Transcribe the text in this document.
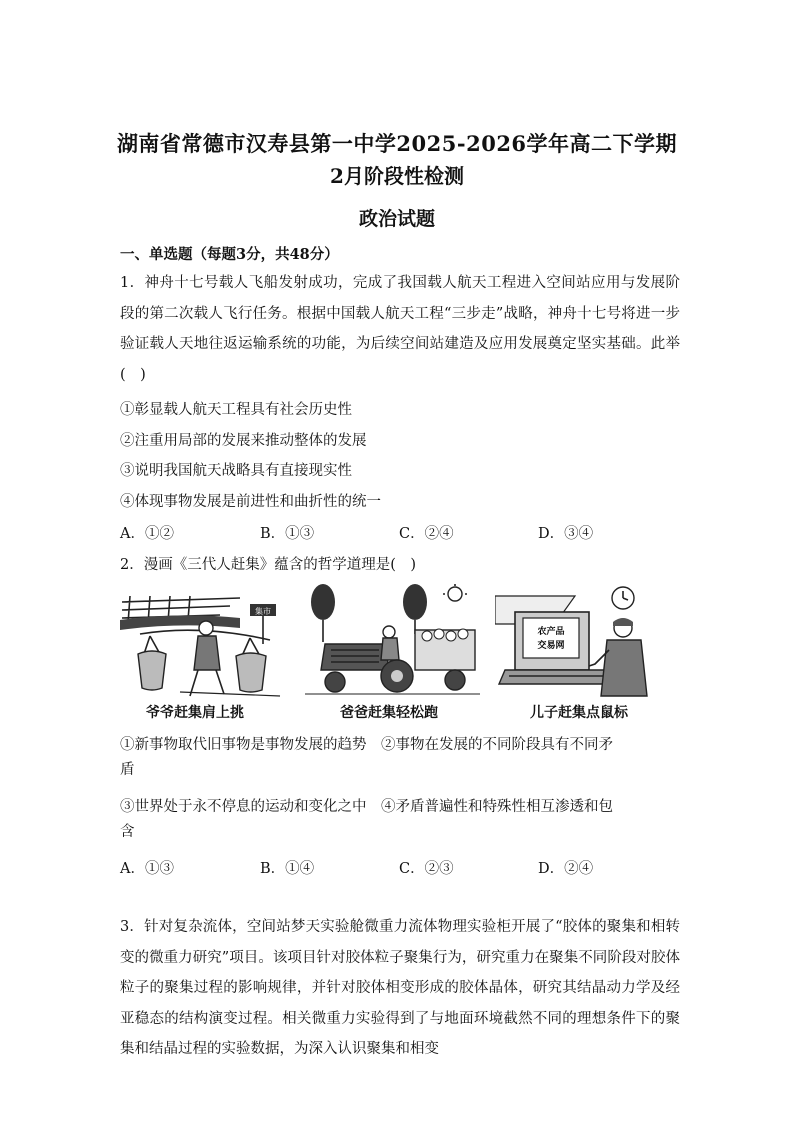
湖南省常德市汉寿县第一中学2025-2026学年高二下学期
2月阶段性检测
政治试题
一、单选题（每题3分，共48分）
1．神舟十七号载人飞船发射成功，完成了我国载人航天工程进入空间站应用与发展阶段的第二次载人飞行任务。根据中国载人航天工程“三步走”战略，神舟十七号将进一步验证载人天地往返运输系统的功能，为后续空间站建造及应用发展奠定坚实基础。此举(　)
①彰显载人航天工程具有社会历史性
②注重用局部的发展来推动整体的发展
③说明我国航天战略具有直接现实性
④体现事物发展是前进性和曲折性的统一
A．①②	B．①③	C．②④	D．③④
2．漫画《三代人赶集》蕴含的哲学道理是(　)
集市
爷爷赶集肩上挑	爸爸赶集轻松跑
农产品
交易网
儿子赶集点鼠标
①新事物取代旧事物是事物发展的趋势　②事物在发展的不同阶段具有不同矛
盾
③世界处于永不停息的运动和变化之中　④矛盾普遍性和特殊性相互渗透和包
含
A．①③	B．①④	C．②③	D．②④
3．针对复杂流体，空间站梦天实验舱微重力流体物理实验柜开展了“胶体的聚集和相转变的微重力研究”项目。该项目针对胶体粒子聚集行为，研究重力在聚集不同阶段对胶体粒子的聚集过程的影响规律，并针对胶体相变形成的胶体晶体，研究其结晶动力学及经亚稳态的结构演变过程。相关微重力实验得到了与地面环境截然不同的理想条件下的聚集和结晶过程的实验数据，为深入认识聚集和相变
